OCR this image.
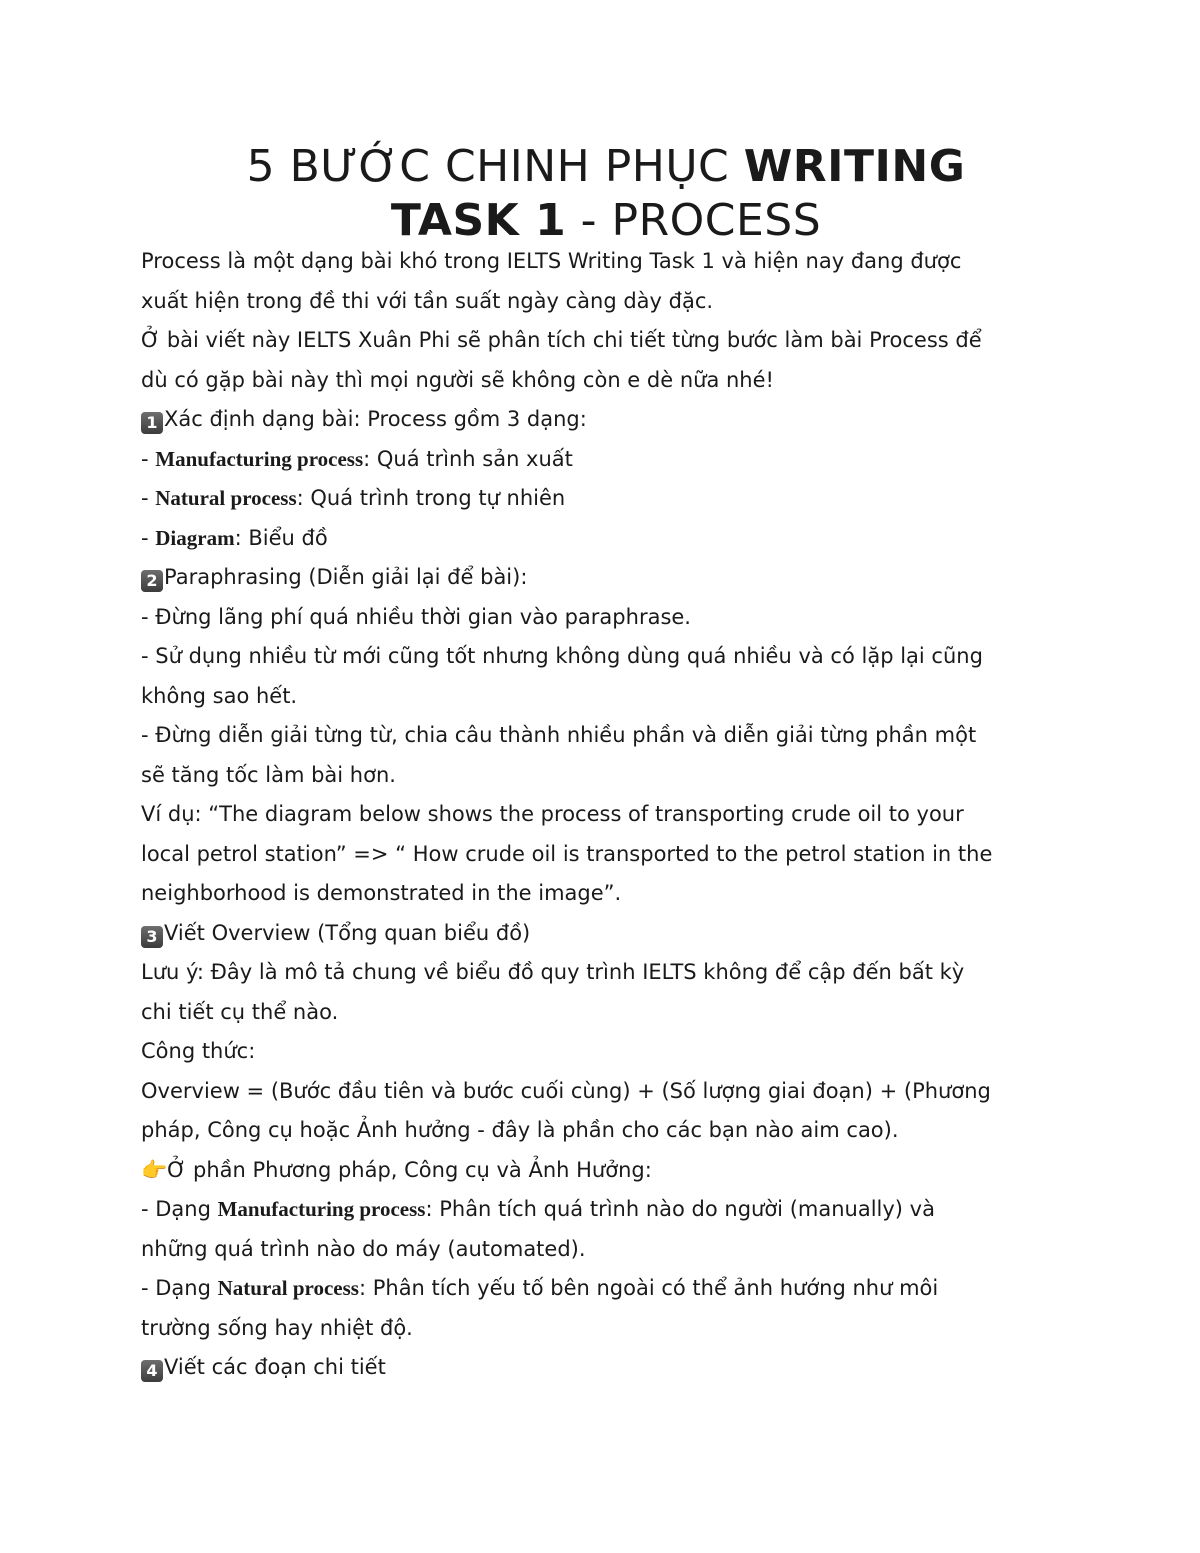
5 BƯỚC CHINH PHỤC WRITING
TASK 1 - PROCESS
Process là một dạng bài khó trong IELTS Writing Task 1 và hiện nay đang được
xuất hiện trong đề thi với tần suất ngày càng dày đặc.
Ở bài viết này IELTS Xuân Phi sẽ phân tích chi tiết từng bước làm bài Process để
dù có gặp bài này thì mọi người sẽ không còn e dè nữa nhé!
1 Xác định dạng bài: Process gồm 3 dạng:
- Manufacturing process: Quá trình sản xuất
- Natural process: Quá trình trong tự nhiên
- Diagram: Biểu đồ
2 Paraphrasing (Diễn giải lại để bài):
- Đừng lãng phí quá nhiều thời gian vào paraphrase.
- Sử dụng nhiều từ mới cũng tốt nhưng không dùng quá nhiều và có lặp lại cũng
không sao hết.
- Đừng diễn giải từng từ, chia câu thành nhiều phần và diễn giải từng phần một
sẽ tăng tốc làm bài hơn.
Ví dụ: “The diagram below shows the process of transporting crude oil to your
local petrol station” => “ How crude oil is transported to the petrol station in the
neighborhood is demonstrated in the image”.
3 Viết Overview (Tổng quan biểu đồ)
Lưu ý: Đây là mô tả chung về biểu đồ quy trình IELTS không để cập đến bất kỳ
chi tiết cụ thể nào.
Công thức:
Overview = (Bước đầu tiên và bước cuối cùng) + (Số lượng giai đoạn) + (Phương
pháp, Công cụ hoặc Ảnh hưởng - đây là phần cho các bạn nào aim cao).
👉Ở phần Phương pháp, Công cụ và Ảnh Hưởng:
- Dạng Manufacturing process: Phân tích quá trình nào do người (manually) và
những quá trình nào do máy (automated).
- Dạng Natural process: Phân tích yếu tố bên ngoài có thể ảnh hướng như môi
trường sống hay nhiệt độ.
4 Viết các đoạn chi tiết
